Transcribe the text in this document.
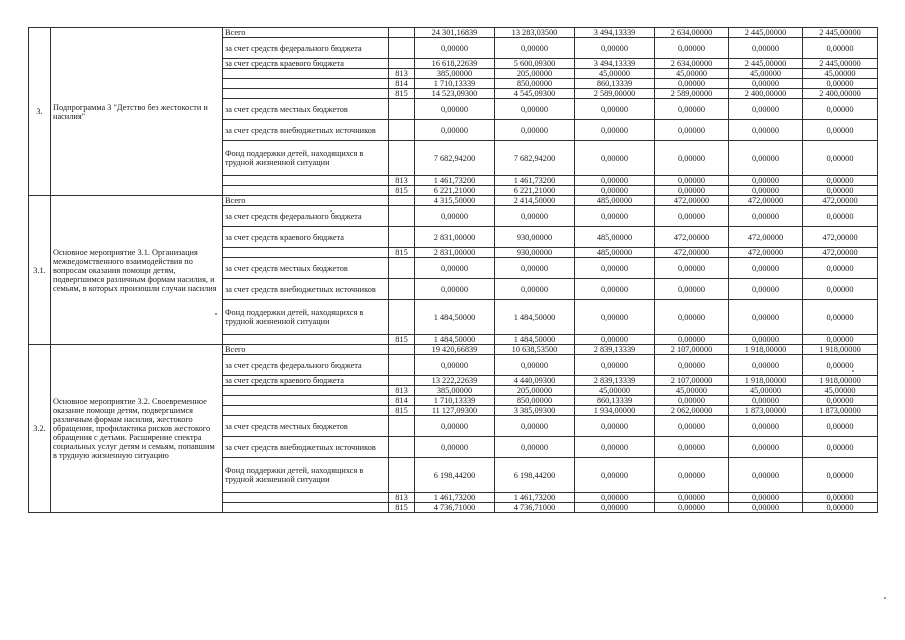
3.	Подпрограмма 3 "Детство без жестокости и насилия"	Всего		24 301,16839	13 283,03500	3 494,13339	2 634,00000	2 445,00000	2 445,00000
		за счет средств федерального бюджета		0,00000	0,00000	0,00000	0,00000	0,00000	0,00000
		за счет средств краевого бюджета		16 618,22639	5 600,09300	3 494,13339	2 634,00000	2 445,00000	2 445,00000
			813	385,00000	205,00000	45,00000	45,00000	45,00000	45,00000
			814	1 710,13339	850,00000	860,13339	0,00000	0,00000	0,00000
			815	14 523,09300	4 545,09300	2 589,00000	2 589,00000	2 400,00000	2 400,00000
		за счет средств местных бюджетов		0,00000	0,00000	0,00000	0,00000	0,00000	0,00000
		за счет средств внебюджетных источников		0,00000	0,00000	0,00000	0,00000	0,00000	0,00000
		Фонд поддержки детей, находящихся в трудной жизненной ситуации		7 682,94200	7 682,94200	0,00000	0,00000	0,00000	0,00000
			813	1 461,73200	1 461,73200	0,00000	0,00000	0,00000	0,00000
			815	6 221,21000	6 221,21000	0,00000	0,00000	0,00000	0,00000
3.1.	Основное мероприятие 3.1. Организация межведомственного взаимодействия по вопросам оказания помощи детям, подвергшимся различным формам насилия, и семьям, в которых произошли случаи насилия	Всего		4 315,50000	2 414,50000	485,00000	472,00000	472,00000	472,00000
		за счет средств федерального бюджета		0,00000	0,00000	0,00000	0,00000	0,00000	0,00000
		за счет средств краевого бюджета		2 831,00000	930,00000	485,00000	472,00000	472,00000	472,00000
			815	2 831,00000	930,00000	485,00000	472,00000	472,00000	472,00000
		за счет средств местных бюджетов		0,00000	0,00000	0,00000	0,00000	0,00000	0,00000
		за счет средств внебюджетных источников		0,00000	0,00000	0,00000	0,00000	0,00000	0,00000
		Фонд поддержки детей, находящихся в трудной жизненной ситуации		1 484,50000	1 484,50000	0,00000	0,00000	0,00000	0,00000
			815	1 484,50000	1 484,50000	0,00000	0,00000	0,00000	0,00000
3.2.	Основное мероприятие 3.2. Своевременное оказание помощи детям, подвергшимся различным формам насилия, жестокого обращения, профилактика рисков жестокого обращения с детьми. Расширение спектра социальных услуг детям и семьям, попавшим в трудную жизненную ситуацию	Всего		19 420,66839	10 638,53500	2 839,13339	2 107,00000	1 918,00000	1 918,00000
		за счет средств федерального бюджета		0,00000	0,00000	0,00000	0,00000	0,00000	0,00000
		за счет средств краевого бюджета		13 222,22639	4 440,09300	2 839,13339	2 107,00000	1 918,00000	1 918,00000
			813	385,00000	205,00000	45,00000	45,00000	45,00000	45,00000
			814	1 710,13339	850,00000	860,13339	0,00000	0,00000	0,00000
			815	11 127,09300	3 385,09300	1 934,00000	2 062,00000	1 873,00000	1 873,00000
		за счет средств местных бюджетов		0,00000	0,00000	0,00000	0,00000	0,00000	0,00000
		за счет средств внебюджетных источников		0,00000	0,00000	0,00000	0,00000	0,00000	0,00000
		Фонд поддержки детей, находящихся в трудной жизненной ситуации		6 198,44200	6 198,44200	0,00000	0,00000	0,00000	0,00000
			813	1 461,73200	1 461,73200	0,00000	0,00000	0,00000	0,00000
			815	4 736,71000	4 736,71000	0,00000	0,00000	0,00000	0,00000
